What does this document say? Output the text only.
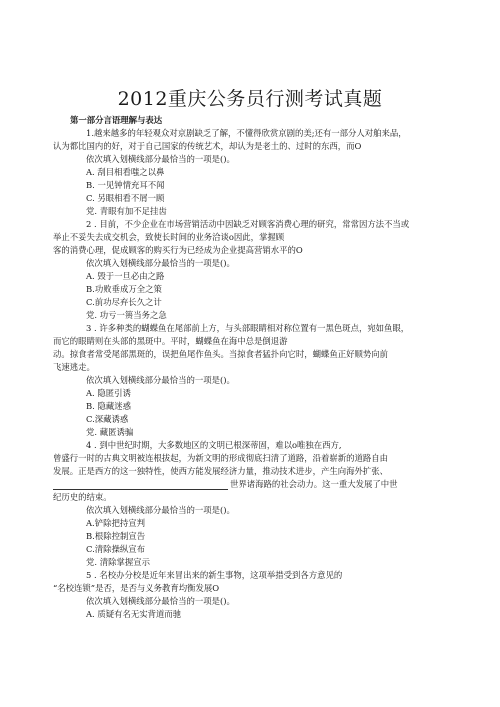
2012重庆公务员行测考试真题
第一部分言语理解与表达
1.越来越多的年轻观众对京剧缺乏了解，不懂得欣赏京剧的美;还有一部分人对舶来品，
认为都比国内的好，对于自己国家的传统艺术，却认为是老土的、过时的东西，而O
依次填入划横线部分最恰当的一项是()。
A. 刮目相看嗤之以鼻
B. 一见钟情充耳不闻
C. 另眼相看不屑一顾
党. 青眼有加不足挂齿
2 . 目前，不少企业在市场营销活动中因缺乏对顾客消费心理的研究，常常因方法不当或
举止不妥失去成交机会，致使长时间的业务洽谈o因此，掌握顾
客的消费心理，促成顾客的购买行为已经成为企业提高营销水平的O
依次填入划横线部分最恰当的一项是()。
A. 毁于一旦必由之路
B.功败垂成万全之策
C.前功尽弃长久之计
党. 功亏一篑当务之急
3 . 许多种类的蝴蝶鱼在尾部前上方，与头部眼睛相对称位置有一黑色斑点，宛如鱼眼，
而它的眼睛则在头部的黑斑中。平时，蝴蝶鱼在海中总是倒退游
动。掠食者常受尾部黑斑的，误把鱼尾作鱼头。当掠食者猛扑向它时，蝴蝶鱼正好顺势向前
飞速逃走。
依次填入划横线部分最恰当的一项是()。
A. 隐匿引诱
B. 隐藏迷惑
C.深藏诱惑
党. 藏匿诱骗
4 . 到中世纪时期，大多数地区的文明已根深蒂固，难以o唯独在西方,
曾盛行一时的古典文明被连根拔起，为新文明的形成彻底扫清了道路，沿着崭新的道路自由
发展。正是西方的这一独特性，使西方能发展经济力量，推动技术进步，产生向海外扩张、
世界诸海路的社会动力。这一重大发展了中世
纪历史的结束。
依次填入划横线部分最恰当的一项是()。
A.铲除把持宣判
B.根除控制宣告
C.清除操纵宣布
党. 清除掌握宣示
5 . 名校办分校是近年来冒出来的新生事物，这项举措受到各方意见的
“名校连锁”是否，是否与义务教育均衡发展O
依次填入划横线部分最恰当的一项是()。
A. 质疑有名无实背道而驰
